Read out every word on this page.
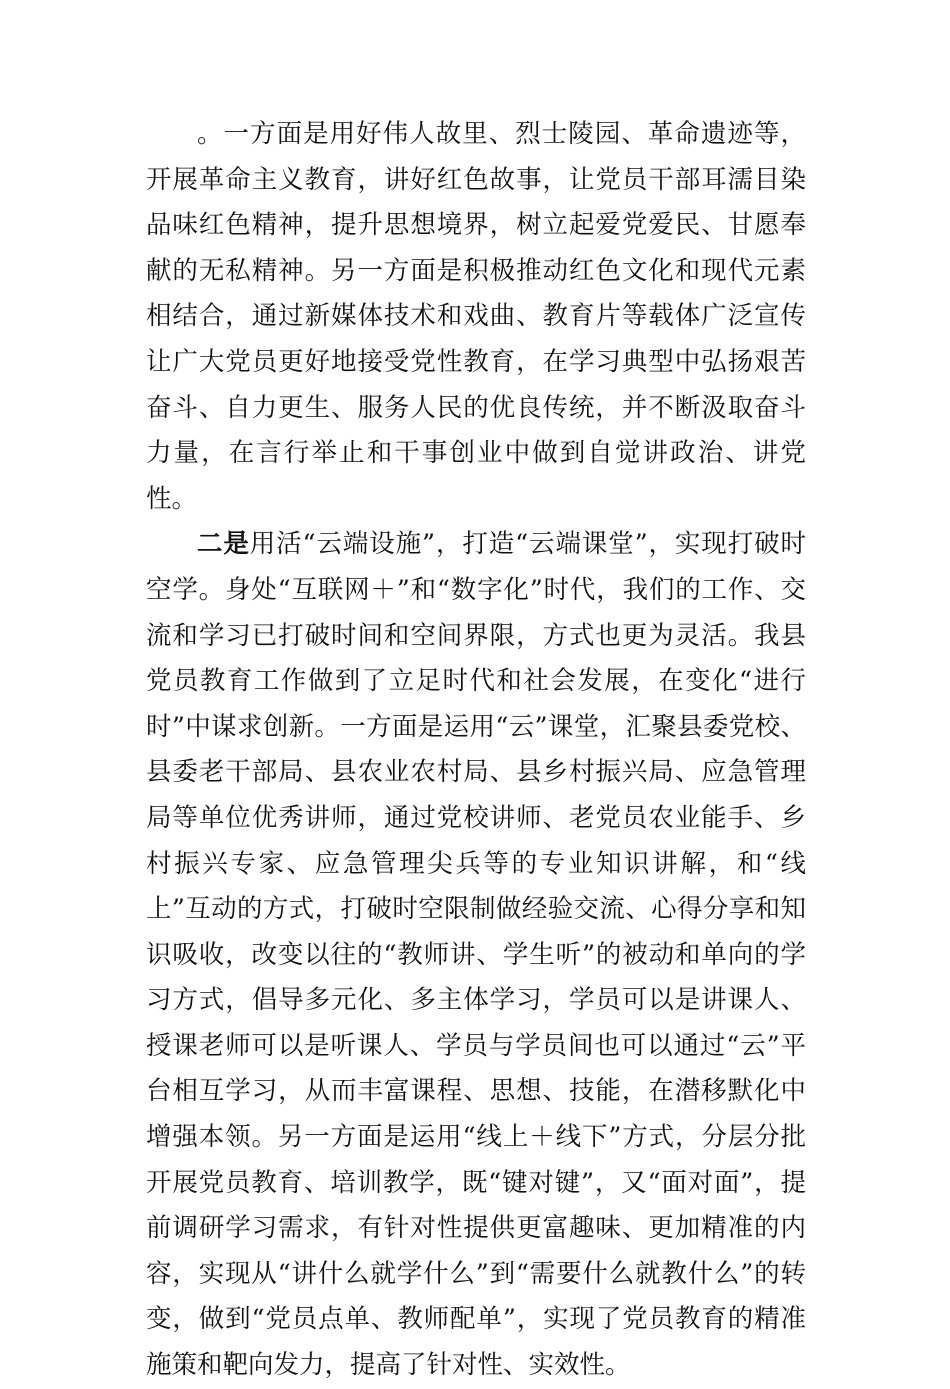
。一方面是用好伟人故里、烈士陵园、革命遗迹等，开展革命主义教育，讲好红色故事，让党员干部耳濡目染品味红色精神，提升思想境界，树立起爱党爱民、甘愿奉献的无私精神。另一方面是积极推动红色文化和现代元素相结合，通过新媒体技术和戏曲、教育片等载体广泛宣传让广大党员更好地接受党性教育，在学习典型中弘扬艰苦奋斗、自力更生、服务人民的优良传统，并不断汲取奋斗力量，在言行举止和干事创业中做到自觉讲政治、讲党性。

二是用活“云端设施”，打造“云端课堂”，实现打破时空学。身处“互联网＋”和“数字化”时代，我们的工作、交流和学习已打破时间和空间界限，方式也更为灵活。我县党员教育工作做到了立足时代和社会发展，在变化“进行时”中谋求创新。一方面是运用“云”课堂，汇聚县委党校、县委老干部局、县农业农村局、县乡村振兴局、应急管理局等单位优秀讲师，通过党校讲师、老党员农业能手、乡村振兴专家、应急管理尖兵等的专业知识讲解，和“线上”互动的方式，打破时空限制做经验交流、心得分享和知识吸收，改变以往的“教师讲、学生听”的被动和单向的学习方式，倡导多元化、多主体学习，学员可以是讲课人、授课老师可以是听课人、学员与学员间也可以通过“云”平台相互学习，从而丰富课程、思想、技能，在潜移默化中增强本领。另一方面是运用“线上＋线下”方式，分层分批开展党员教育、培训教学，既“键对键”，又“面对面”，提前调研学习需求，有针对性提供更富趣味、更加精准的内容，实现从“讲什么就学什么”到“需要什么就教什么”的转变，做到“党员点单、教师配单”，实现了党员教育的精准施策和靶向发力，提高了针对性、实效性。
